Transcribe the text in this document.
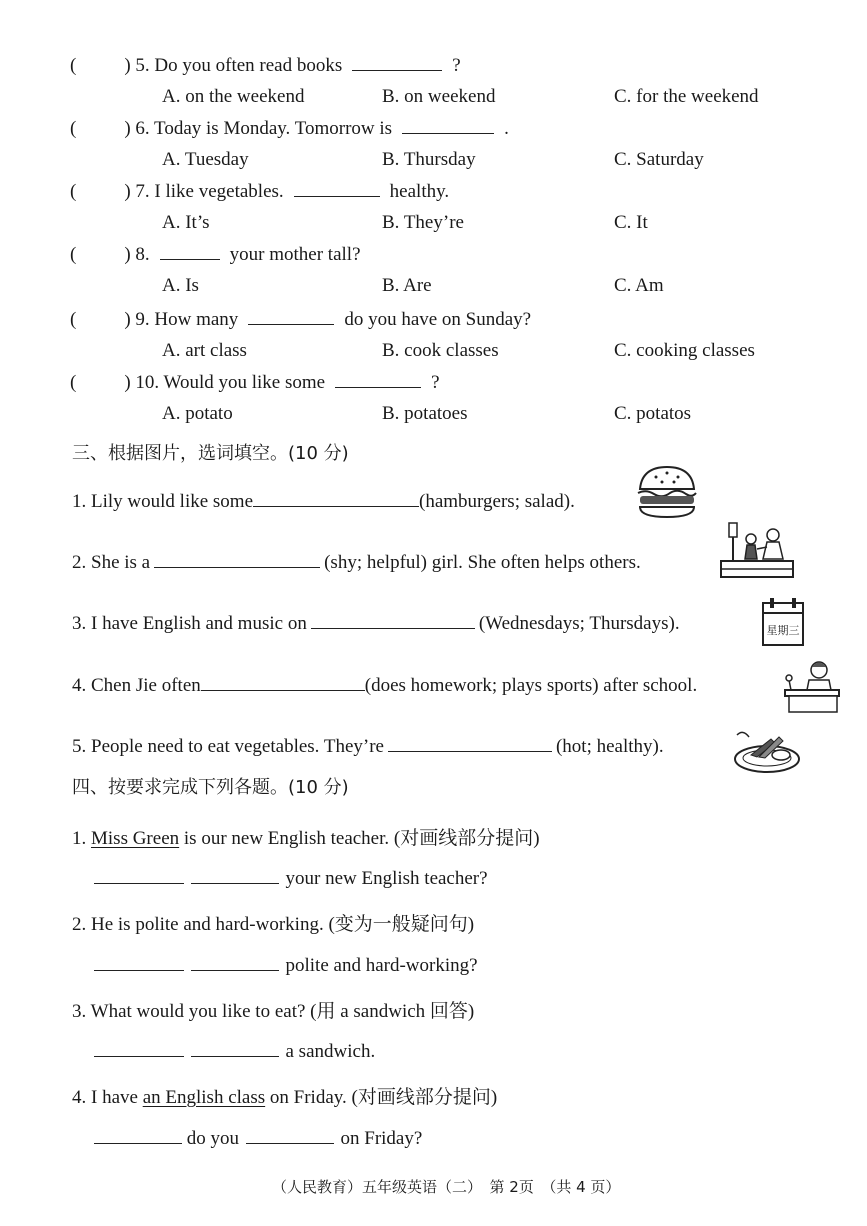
(	) 5. Do you often read books	?
A. on the weekend	B. on weekend	C. for the weekend
(	) 6. Today is Monday. Tomorrow is	.
A. Tuesday	B. Thursday	C. Saturday
(	) 7. I like vegetables.	healthy.
A. It’s	B. They’re	C. It
(	) 8.	your mother tall?
A. Is	B. Are	C. Am
(	) 9. How many	do you have on Sunday?
A. art class	B. cook classes	C. cooking classes
(	) 10. Would you like some	?
A. potato	B. potatoes	C. potatos
三、根据图片，选词填空。(10 分)
1. Lily would like some	(hamburgers; salad).
2. She is a	(shy; helpful) girl. She often helps others.
3. I have English and music on	(Wednesdays; Thursdays).
4. Chen Jie often	(does homework; plays sports) after school.
5. People need to eat vegetables. They’re	(hot; healthy).
星期三
四、按要求完成下列各题。(10 分)
1. Miss Green is our new English teacher. (对画线部分提问)
your new English teacher?
2. He is polite and hard-working. (变为一般疑问句)
polite and hard-working?
3. What would you like to eat? (用 a sandwich 回答)
a sandwich.
4. I have an English class on Friday. (对画线部分提问)
do you	on Friday?
（人民教育）五年级英语（二）　第 2页　（共 4 页）
